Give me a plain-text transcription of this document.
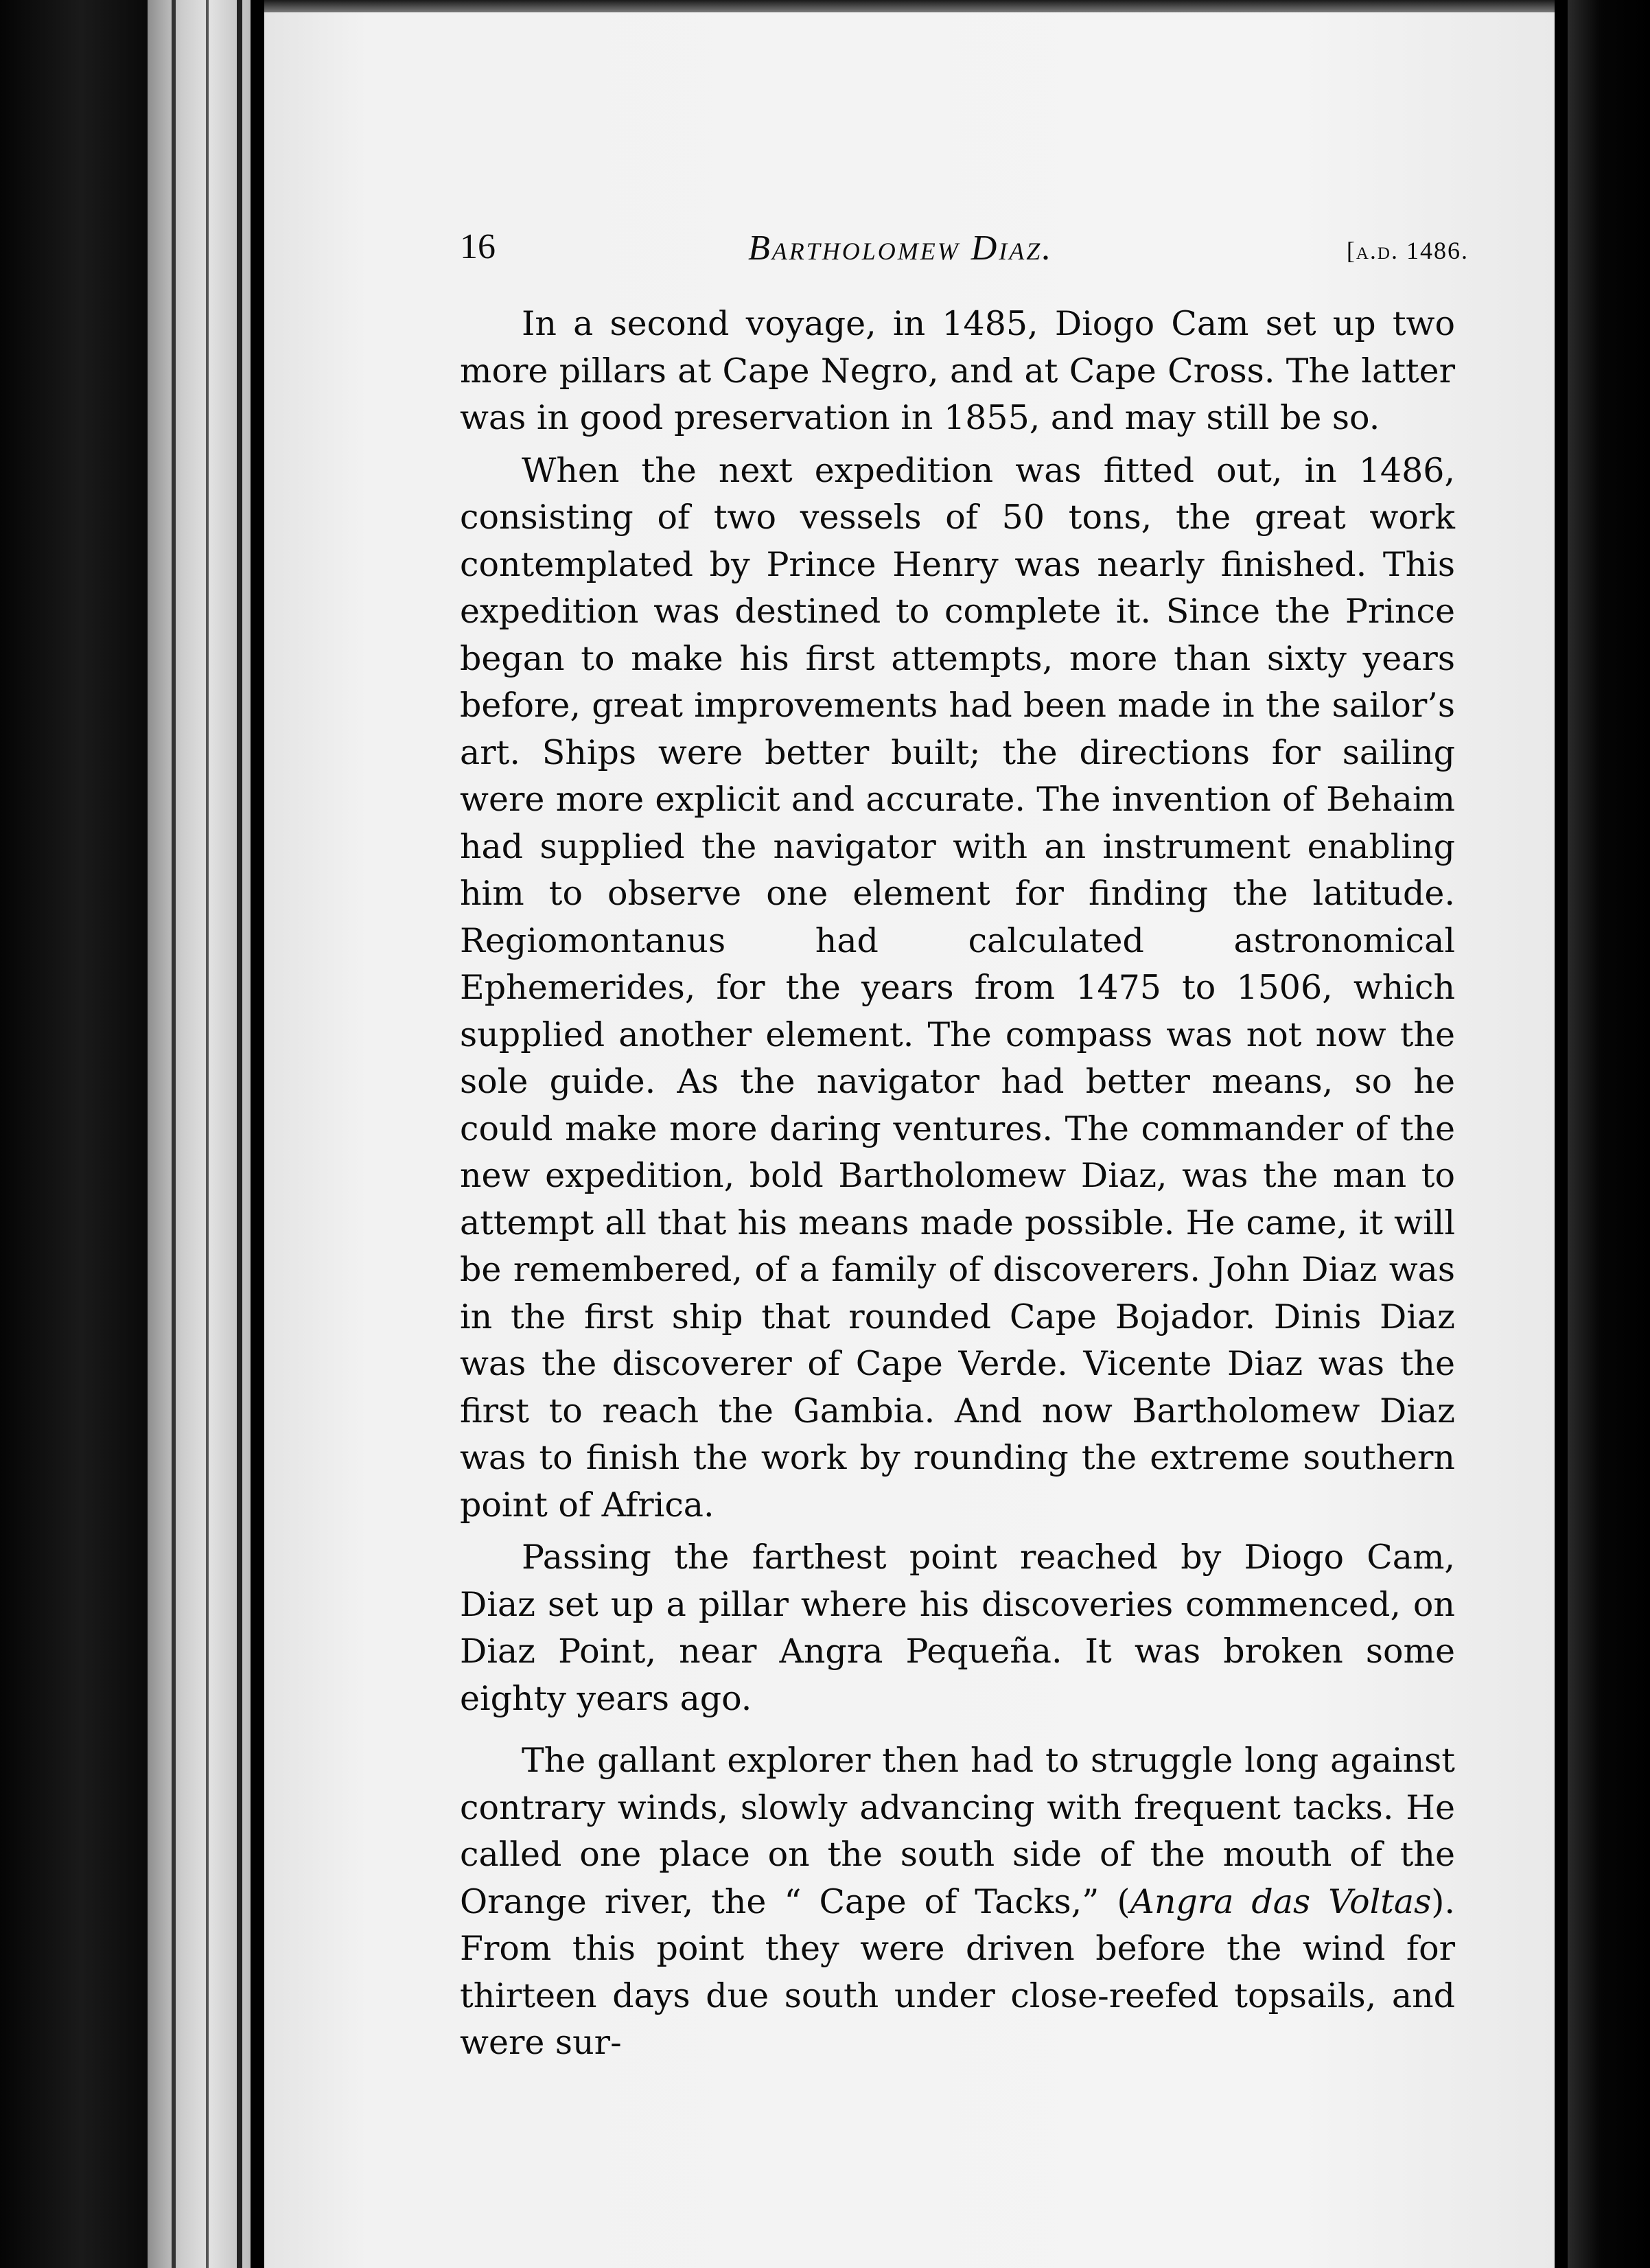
16	Bartholomew Diaz.	[a.d. 1486.

In a second voyage, in 1485, Diogo Cam set up two more pillars at Cape Negro, and at Cape Cross. The latter was in good preservation in 1855, and may still be so.

When the next expedition was fitted out, in 1486, consisting of two vessels of 50 tons, the great work contemplated by Prince Henry was nearly finished. This expedition was destined to complete it. Since the Prince began to make his first attempts, more than sixty years before, great improvements had been made in the sailor’s art. Ships were better built; the directions for sailing were more explicit and accurate. The invention of Behaim had supplied the navigator with an instrument enabling him to observe one element for finding the latitude. Regiomontanus had calculated astronomical Ephemerides, for the years from 1475 to 1506, which supplied another element. The compass was not now the sole guide. As the navigator had better means, so he could make more daring ventures. The commander of the new expedition, bold Bartholomew Diaz, was the man to attempt all that his means made possible. He came, it will be remembered, of a family of discoverers. John Diaz was in the first ship that rounded Cape Bojador. Dinis Diaz was the discoverer of Cape Verde. Vicente Diaz was the first to reach the Gambia. And now Bartholomew Diaz was to finish the work by rounding the extreme southern point of Africa.

Passing the farthest point reached by Diogo Cam, Diaz set up a pillar where his discoveries commenced, on Diaz Point, near Angra Pequeña. It was broken some eighty years ago.

The gallant explorer then had to struggle long against contrary winds, slowly advancing with frequent tacks. He called one place on the south side of the mouth of the Orange river, the “ Cape of Tacks,” (Angra das Voltas). From this point they were driven before the wind for thirteen days due south under close-reefed topsails, and were sur-
